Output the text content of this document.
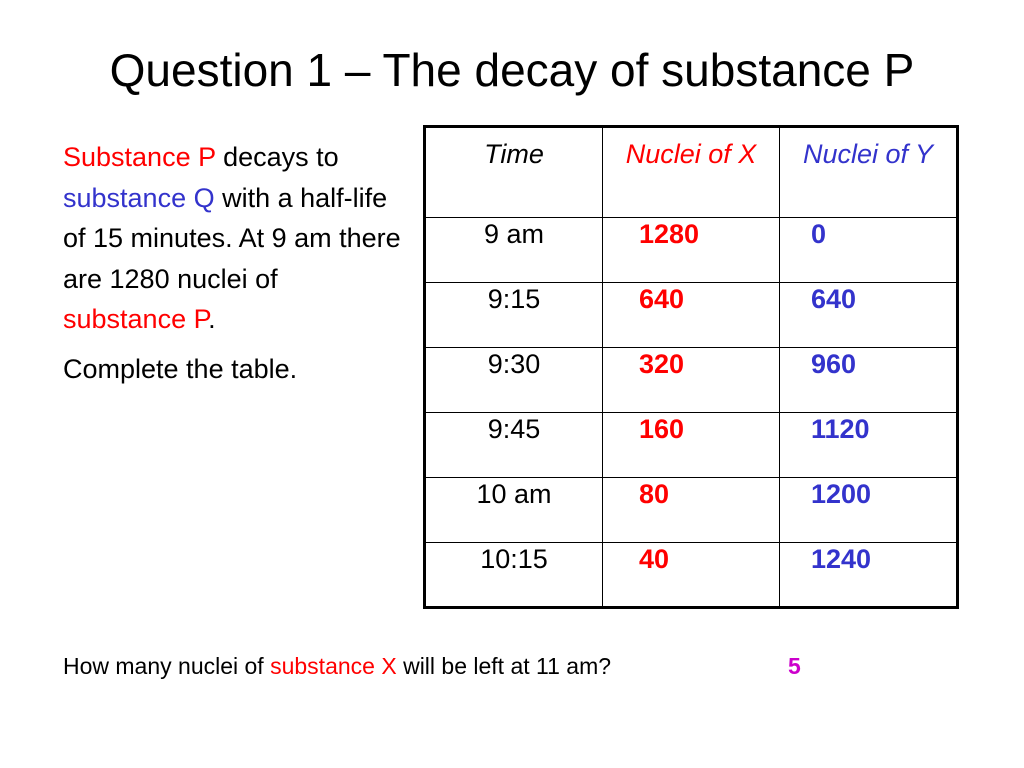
Question 1 – The decay of substance P

Substance P decays to substance Q with a half-life of 15 minutes. At 9 am there are 1280 nuclei of substance P.

Complete the table.

Time	Nuclei of X	Nuclei of Y
9 am	1280	0
9:15	640	640
9:30	320	960
9:45	160	1120
10 am	80	1200
10:15	40	1240
How many nuclei of substance X will be left at 11 am?	5
